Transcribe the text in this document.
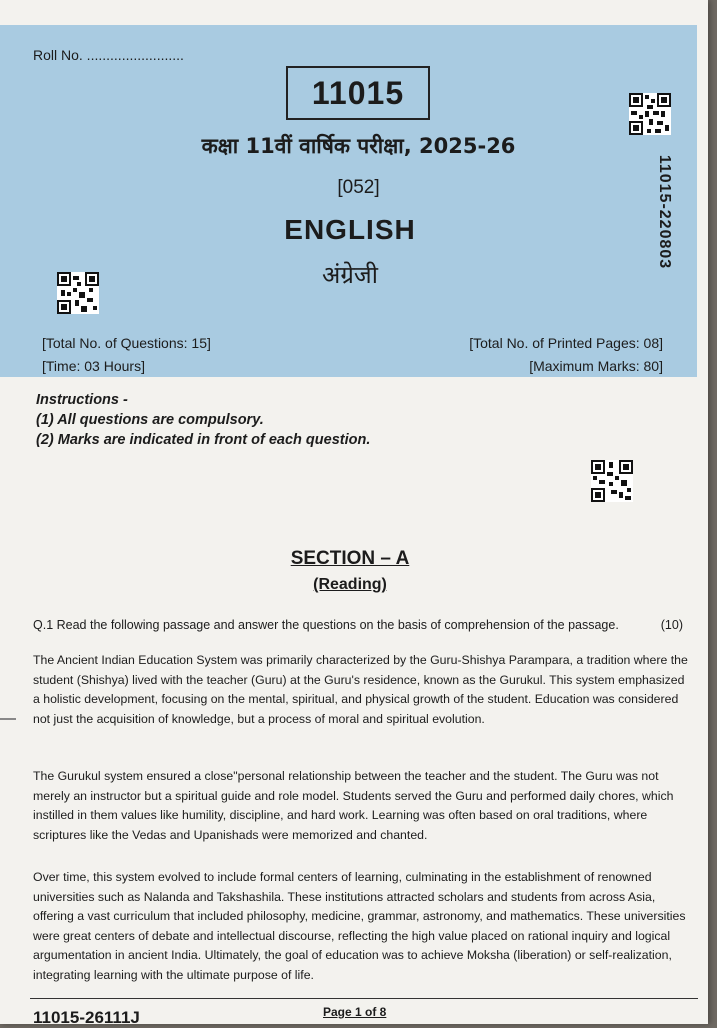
Roll No. .........................
11015
कक्षा 11वीं वार्षिक परीक्षा, 2025-26
[052]
ENGLISH
अंग्रेजी
11015-220803
[Total No. of Questions: 15]
[Time: 03 Hours]
[Total No. of Printed Pages: 08]
[Maximum Marks: 80]
Instructions -
(1) All questions are compulsory.
(2) Marks are indicated in front of each question.
SECTION – A
(Reading)
Q.1 Read the following passage and answer the questions on the basis of comprehension of the passage.	(10)
The Ancient Indian Education System was primarily characterized by the Guru-Shishya Parampara, a tradition where the student (Shishya) lived with the teacher (Guru) at the Guru's residence, known as the Gurukul. This system emphasized a holistic development, focusing on the mental, spiritual, and physical growth of the student. Education was considered not just the acquisition of knowledge, but a process of moral and spiritual evolution.
The Gurukul system ensured a close"personal relationship between the teacher and the student. The Guru was not merely an instructor but a spiritual guide and role model. Students served the Guru and performed daily chores, which instilled in them values like humility, discipline, and hard work. Learning was often based on oral traditions, where scriptures like the Vedas and Upanishads were memorized and chanted.
Over time, this system evolved to include formal centers of learning, culminating in the establishment of renowned universities such as Nalanda and Takshashila. These institutions attracted scholars and students from across Asia, offering a vast curriculum that included philosophy, medicine, grammar, astronomy, and mathematics. These universities were great centers of debate and intellectual discourse, reflecting the high value placed on rational inquiry and logical argumentation in ancient India. Ultimately, the goal of education was to achieve Moksha (liberation) or self-realization, integrating learning with the ultimate purpose of life.
11015-26111J	Page 1 of 8
